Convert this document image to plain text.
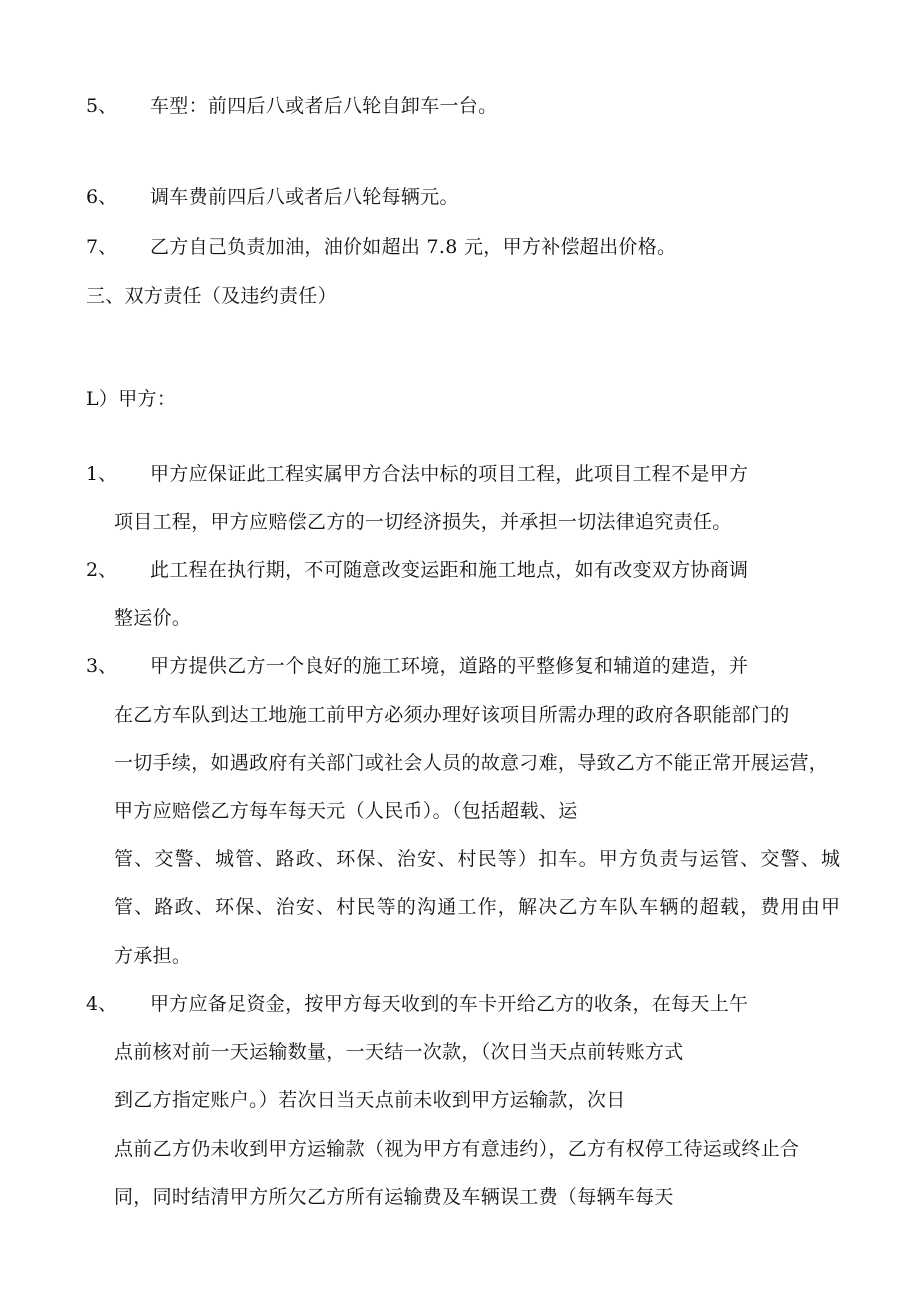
5、 车型：前四后八或者后八轮自卸车一台。
6、 调车费前四后八或者后八轮每辆元。
7、 乙方自己负责加油，油价如超出 7.8 元，甲方补偿超出价格。
三、双方责任（及违约责任）
L）甲方：
1、 甲方应保证此工程实属甲方合法中标的项目工程，此项目工程不是甲方
项目工程，甲方应赔偿乙方的一切经济损失，并承担一切法律追究责任。
2、 此工程在执行期，不可随意改变运距和施工地点，如有改变双方协商调
整运价。
3、 甲方提供乙方一个良好的施工环境，道路的平整修复和辅道的建造，并
在乙方车队到达工地施工前甲方必须办理好该项目所需办理的政府各职能部门的
一切手续，如遇政府有关部门或社会人员的故意刁难，导致乙方不能正常开展运营，
甲方应赔偿乙方每车每天元（人民币）。（包括超载、运
管、交警、城管、路政、环保、治安、村民等）扣车。甲方负责与运管、交警、城
管、路政、环保、治安、村民等的沟通工作，解决乙方车队车辆的超载，费用由甲
方承担。
4、 甲方应备足资金，按甲方每天收到的车卡开给乙方的收条，在每天上午
点前核对前一天运输数量，一天结一次款，（次日当天点前转账方式
到乙方指定账户。）若次日当天点前未收到甲方运输款，次日
点前乙方仍未收到甲方运输款（视为甲方有意违约），乙方有权停工待运或终止合
同，同时结清甲方所欠乙方所有运输费及车辆误工费（每辆车每天
